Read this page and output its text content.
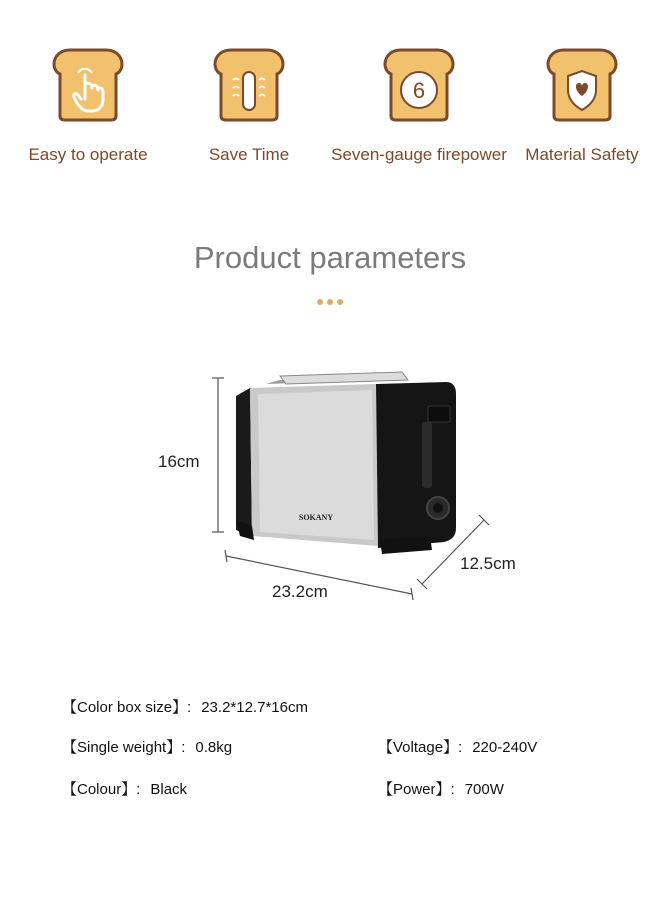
Easy to operate	Save Time
6
Seven-gauge firepower	Material Safety
Product parameters
SOKANY
16cm
23.2cm
12.5cm
【Color box size】: 23.2*12.7*16cm
【Single weight】: 0.8kg	【Voltage】: 220-240V
【Colour】: Black	【Power】: 700W
